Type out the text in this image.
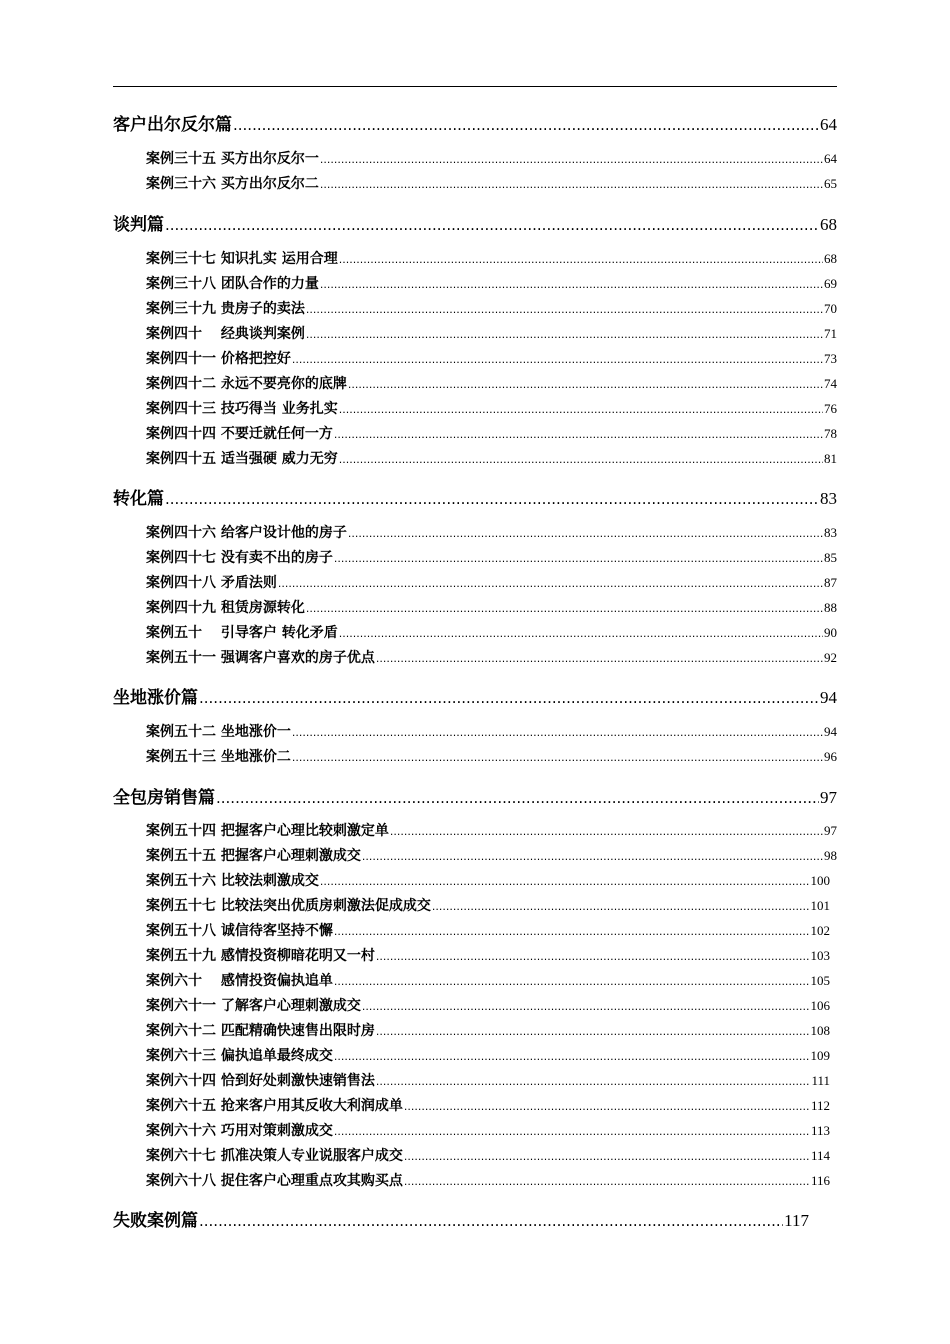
客户出尔反尔篇 .....	64
案例三十五 买方出尔反尔一 .....	64
案例三十六 买方出尔反尔二 .....	65
谈判篇 .....	68
案例三十七 知识扎实 运用合理 .....	68
案例三十八 团队合作的力量 .....	69
案例三十九 贵房子的卖法 .....	70
案例四十　 经典谈判案例 .....	71
案例四十一 价格把控好 .....	73
案例四十二 永远不要亮你的底牌 .....	74
案例四十三 技巧得当 业务扎实 .....	76
案例四十四 不要迁就任何一方 .....	78
案例四十五 适当强硬 威力无穷 .....	81
转化篇 .....	83
案例四十六 给客户设计他的房子 .....	83
案例四十七 没有卖不出的房子 .....	85
案例四十八 矛盾法则 .....	87
案例四十九 租赁房源转化 .....	88
案例五十　 引导客户 转化矛盾 .....	90
案例五十一 强调客户喜欢的房子优点 .....	92
坐地涨价篇 .....	94
案例五十二 坐地涨价一 .....	94
案例五十三 坐地涨价二 .....	96
全包房销售篇 .....	97
案例五十四 把握客户心理比较刺激定单 .....	97
案例五十五 把握客户心理刺激成交 .....	98
案例五十六 比较法刺激成交 .....	100
案例五十七 比较法突出优质房刺激法促成成交 .....	101
案例五十八 诚信待客坚持不懈 .....	102
案例五十九 感情投资柳暗花明又一村 .....	103
案例六十　 感情投资偏执追单 .....	105
案例六十一 了解客户心理刺激成交 .....	106
案例六十二 匹配精确快速售出限时房 .....	108
案例六十三 偏执追单最终成交 .....	109
案例六十四 恰到好处刺激快速销售法 .....	111
案例六十五 抢来客户用其反收大利润成单 .....	112
案例六十六 巧用对策刺激成交 .....	113
案例六十七 抓准决策人专业说服客户成交 .....	114
案例六十八 捉住客户心理重点攻其购买点 .....	116
失败案例篇 .....	117
